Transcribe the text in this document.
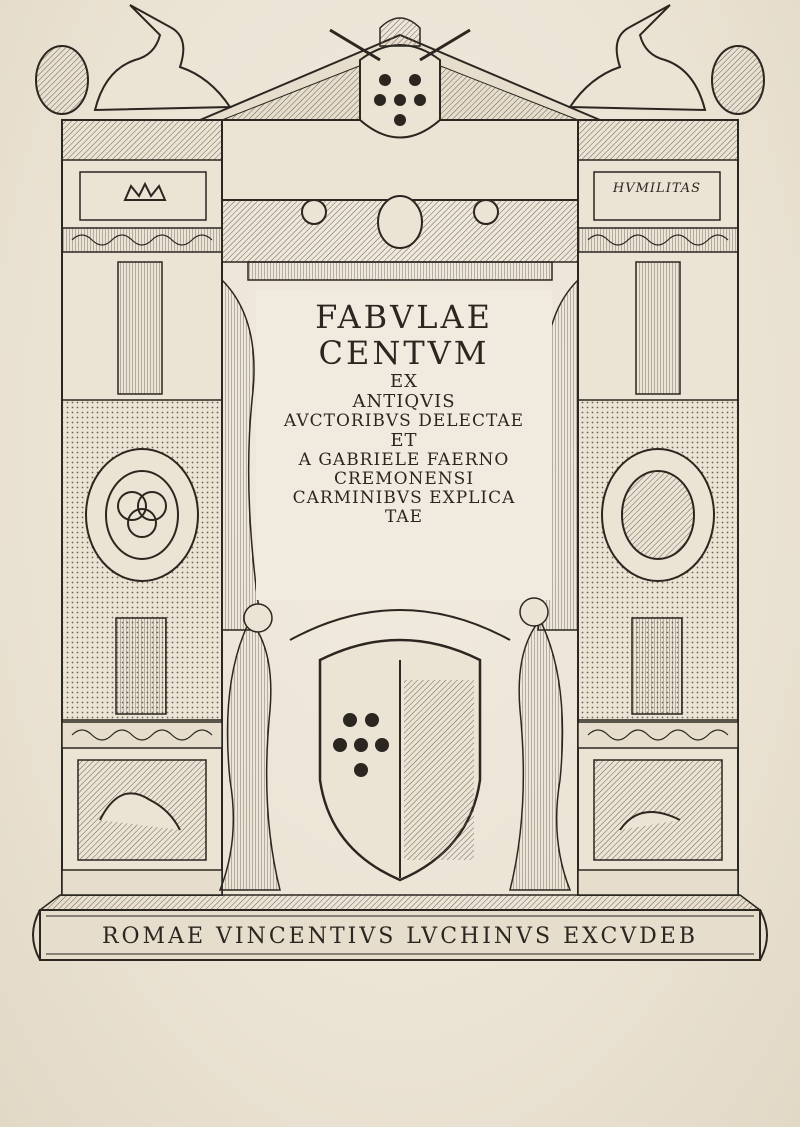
HVMILITAS
FABVLAE
CENTVM
EX
ANTIQVIS
AVCTORIBVS DELECTAE
ET
A GABRIELE FAERNO
CREMONENSI
CARMINIBVS EXPLICA
TAE
ROMAE VINCENTIVS LVCHINVS EXCVDEB
